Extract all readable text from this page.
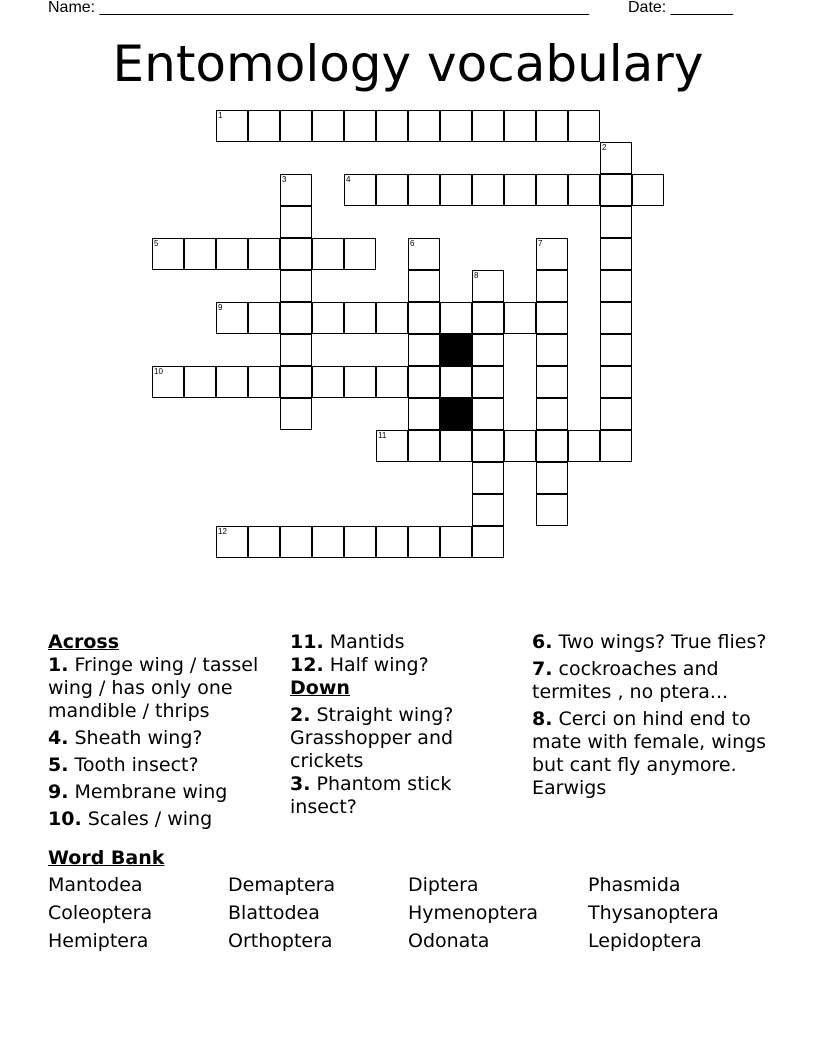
Name: _______________________________________________________ Date: _______
Entomology vocabulary
1
2
3	4
5	6	7
8
9
10
11
12
Across
1. Fringe wing / tassel wing / has only one mandible / thrips
4. Sheath wing?
5. Tooth insect?
9. Membrane wing
10. Scales / wing
11. Mantids
12. Half wing?
Down
2. Straight wing? Grasshopper and crickets
3. Phantom stick insect?
6. Two wings? True flies?
7. cockroaches and termites , no ptera...
8. Cerci on hind end to mate with female, wings but cant fly anymore. Earwigs
Word Bank
Mantodea	Demaptera	Diptera	Phasmida
Coleoptera	Blattodea	Hymenoptera	Thysanoptera
Hemiptera	Orthoptera	Odonata	Lepidoptera
